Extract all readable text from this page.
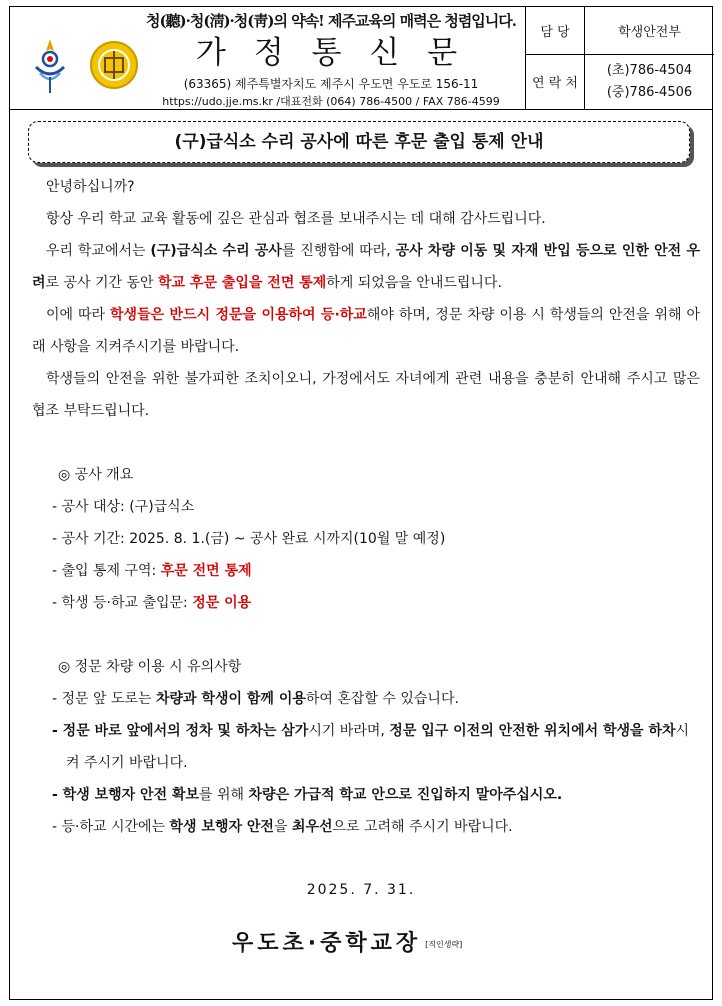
청(聽)·청(淸)·청(靑)의 약속! 제주교육의 매력은 청렴입니다.
가 정 통 신 문
(63365) 제주특별자치도 제주시 우도면 우도로 156-11
https://udo.jje.ms.kr /대표전화 (064) 786-4500 / FAX 786-4599
담 당	학생안전부
연 락 처	(초)786-4504
(중)786-4506
(구)급식소 수리 공사에 따른 후문 출입 통제 안내
안녕하십니까?
항상 우리 학교 교육 활동에 깊은 관심과 협조를 보내주시는 데 대해 감사드립니다.
우리 학교에서는 (구)급식소 수리 공사를 진행함에 따라, 공사 차량 이동 및 자재 반입 등으로 인한 안전 우려로 공사 기간 동안 학교 후문 출입을 전면 통제하게 되었음을 안내드립니다.
이에 따라 학생들은 반드시 정문을 이용하여 등·하교해야 하며, 정문 차량 이용 시 학생들의 안전을 위해 아래 사항을 지켜주시기를 바랍니다.
학생들의 안전을 위한 불가피한 조치이오니, 가정에서도 자녀에게 관련 내용을 충분히 안내해 주시고 많은 협조 부탁드립니다.
◎ 공사 개요
- 공사 대상: (구)급식소
- 공사 기간: 2025. 8. 1.(금) ~ 공사 완료 시까지(10월 말 예정)
- 출입 통제 구역: 후문 전면 통제
- 학생 등·하교 출입문: 정문 이용
◎ 정문 차량 이용 시 유의사항
- 정문 앞 도로는 차량과 학생이 함께 이용하여 혼잡할 수 있습니다.
- 정문 바로 앞에서의 정차 및 하차는 삼가시기 바라며, 정문 입구 이전의 안전한 위치에서 학생을 하차시켜 주시기 바랍니다.
- 학생 보행자 안전 확보를 위해 차량은 가급적 학교 안으로 진입하지 말아주십시오.
- 등·하교 시간에는 학생 보행자 안전을 최우선으로 고려해 주시기 바랍니다.
2025. 7. 31.
우도초·중학교장 [직인생략]
